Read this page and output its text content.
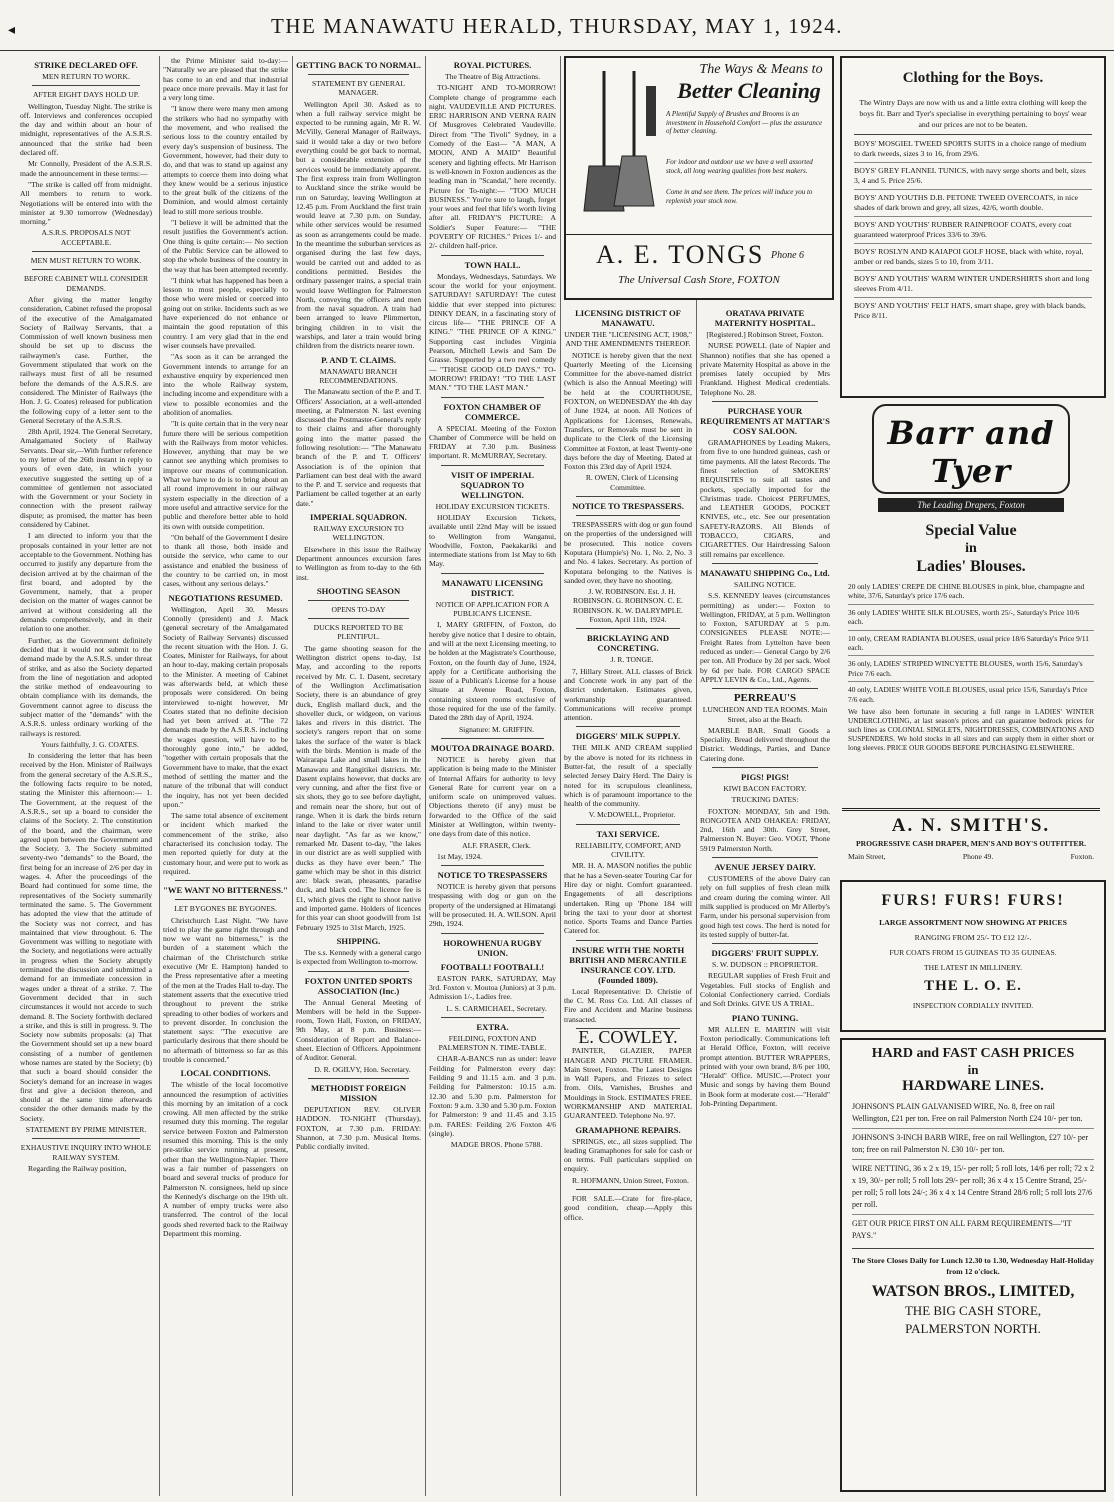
◂	THE MANAWATU HERALD, THURSDAY, MAY 1, 1924.
STRIKE DECLARED OFF.
MEN RETURN TO WORK.
AFTER EIGHT DAYS HOLD UP.

Wellington, Tuesday Night. The strike is off. Interviews and conferences occupied the day and within about an hour of midnight, representatives of the A.S.R.S. announced that the strike had been declared off.

Mr Connolly, President of the A.S.R.S. made the announcement in these terms:—

"The strike is called off from midnight. All members to return to work. Negotiations will be entered into with the minister at 9.30 tomorrow (Wednesday) morning."

A.S.R.S. PROPOSALS NOT ACCEPTABLE.
MEN MUST RETURN TO WORK.
BEFORE CABINET WILL CONSIDER DEMANDS.

After giving the matter lengthy consideration, Cabinet refused the proposal of the executive of the Amalgamated Society of Railway Servants, that a Commission of well known business men should be set up to discuss the railwaymen's case. Further, the Government stipulated that work on the railways must first of all be resumed before the demands of the A.S.R.S. are considered. The Minister of Railways (the Hon. J. G. Coates) released for publication the following copy of a letter sent to the General Secretary of the A.S.R.S.

28th April, 1924. The General Secretary, Amalgamated Society of Railway Servants. Dear sir,—With further reference to my letter of the 26th instant in reply to yours of even date, in which your executive suggested the setting up of a committee of gentlemen not associated with the Government or your Society in connection with the present railway dispute; as promised, the matter has been considered by Cabinet.

I am directed to inform you that the proposals contained in your letter are not acceptable to the Government. Nothing has occurred to justify any departure from the decision arrived at by the chairman of the first board, and adopted by the Government, namely, that a proper decision on the matter of wages cannot be arrived at without considering all the demands comprehensively, and in their relation to one another.

Further, as the Government definitely decided that it would not submit to the demand made by the A.S.R.S. under threat of strike, and as also the Society departed from the line of negotiation and adopted the strike method of endeavouring to obtain compliance with its demands, the Government cannot agree to discuss the subject matter of the "demands" with the A.S.R.S. unless ordinary working of the railways is restored.

Yours faithfully, J. G. COATES.

In considering the letter that has been received by the Hon. Minister of Railways from the general secretary of the A.S.R.S., the following facts require to be noted, stating the Minister this afternoon:— 1. The Government, at the request of the A.S.R.S., set up a board to consider the claims of the Society. 2. The constitution of the board, and the chairman, were agreed upon between the Government and the Society. 3. The Society submitted seventy-two "demands" to the Board, the first being for an increase of 2/6 per day in wages. 4. After the proceedings of the Board had continued for some time, the representatives of the Society summarily terminated the same. 5. The Government has adopted the view that the attitude of the Society was not correct, and has maintained that view throughout. 6. The Government was willing to negotiate with the Society, and negotiations were actually in progress when the Society abruptly terminated the discussion and submitted a demand for an immediate concession in wages under a threat of a strike. 7. The Government decided that in such circumstances it would not accede to such demand. 8. The Society forthwith declared a strike, and this is still in progress. 9. The Society now submits proposals: (a) That the Government should set up a new board consisting of a number of gentlemen whose names are stated by the Society; (b) that such a board should consider the Society's demand for an increase in wages first and give a decision thereon, and should at the same time afterwards consider the other demands made by the Society.

STATEMENT BY PRIME MINISTER.
EXHAUSTIVE INQUIRY INTO WHOLE RAILWAY SYSTEM.

Regarding the Railway position,

the Prime Minister said to-day:— "Naturally we are pleased that the strike has come to an end and that industrial peace once more prevails. May it last for a very long time.

"I know there were many men among the strikers who had no sympathy with the movement, and who realised the serious loss to the country entailed by every day's suspension of business. The Government, however, had their duty to do, and that was to stand up against any attempts to coerce them into doing what they knew would be a serious injustice to the great bulk of the citizens of the Dominion, and would almost certainly lead to still more serious trouble.

"I believe it will be admitted that the result justifies the Government's action. One thing is quite certain:— No section of the Public Service can be allowed to stop the whole business of the country in the way that has been attempted recently.

"I think what has happened has been a lesson to most people, especially to those who were misled or coerced into going out on strike. Incidents such as we have experienced do not enhance or maintain the good reputation of this country. I am very glad that in the end wiser counsels have prevailed.

"As soon as it can be arranged the Government intends to arrange for an exhaustive enquiry by experienced men into the whole Railway system, including income and expenditure with a view to possible economies and the abolition of anomalies.

"It is quite certain that in the very near future there will be serious competition with the Railways from motor vehicles. However, anything that may be we cannot see anything which promises to improve our means of communication. What we have to do is to bring about an all round improvement in our railway system especially in the direction of a more useful and attractive service for the public and therefore better able to hold its own with outside competition.

"On behalf of the Government I desire to thank all those, both inside and outside the service, who came to our assistance and enabled the business of the country to be carried on, in most cases, without any serious delays."

NEGOTIATIONS RESUMED.

Wellington, April 30. Messrs Connolly (president) and J. Mack (general secretary of the Amalgamated Society of Railway Servants) discussed the recent situation with the Hon. J. G. Coates, Minister for Railways, for about an hour to-day, making certain proposals to the Minister. A meeting of Cabinet was afterwards held, at which these proposals were considered. On being interviewed to-night however, Mr Coates stated that no definite decision had yet been arrived at. "The 72 demands made by the A.S.R.S. including the wages question, will have to be thoroughly gone into," he added, "together with certain proposals that the Government have to make, that the exact method of settling the matter and the nature of the tribunal that will conduct the inquiry, has not yet been decided upon."

The same total absence of excitement or incident which marked the commencement of the strike, also characterised its conclusion today. The men reported quietly for duty at the customary hour, and were put to work as required.

"WE WANT NO BITTERNESS."
LET BYGONES BE BYGONES.

Christchurch Last Night. "We have tried to play the game right through and now we want no bitterness," is the burden of a statement which the chairman of the Christchurch strike executive (Mr E. Hampton) handed to the Press representative after a meeting of the men at the Trades Hall to-day. The statement asserts that the executive tried throughout to prevent the strike spreading to other bodies of workers and to prevent disorder. In conclusion the statement says: "The executive are particularly desirous that there should be no aftermath of bitterness so far as this trouble is concerned."

LOCAL CONDITIONS.

The whistle of the local locomotive announced the resumption of activities this morning by an imitation of a cock crowing. All men affected by the strike resumed duty this morning. The regular service between Foxton and Palmerston resumed this morning. This is the only pre-strike service running at present, other than the Wellington-Napier. There was a fair number of passengers on board and several trucks of produce for Palmerston N. consignees, held up since the Kennedy's discharge on the 19th ult. A number of empty trucks were also transferred. The control of the local goods shed reverted back to the Railway Department this morning.

GETTING BACK TO NORMAL.
STATEMENT BY GENERAL MANAGER.

Wellington April 30. Asked as to when a full railway service might be expected to be running again, Mr R. W. McVilly, General Manager of Railways, said it would take a day or two before everything could be got back to normal, but a considerable extension of the services would be immediately apparent. The first express train from Wellington to Auckland since the strike would be run on Saturday, leaving Wellington at 12.45 p.m. From Auckland the first train would leave at 7.30 p.m. on Sunday, while other services would be resumed as soon as arrangements could be made. In the meantime the suburban services as organised during the last few days, would be carried out and added to as conditions permitted. Besides the ordinary passenger trains, a special train would leave Wellington for Palmerston North, conveying the officers and men from the naval squadron. A train had been arranged to leave Plimmerton, bringing children in to visit the warships, and later a train would bring children from the districts nearer town.

P. AND T. CLAIMS.
MANAWATU BRANCH RECOMMENDATIONS.

The Manawatu section of the P. and T. Officers' Association, at a well-attended meeting, at Palmerston N. last evening discussed the Postmaster-General's reply to their claims and after thoroughly going into the matter passed the following resolution:— "The Manawatu branch of the P. and T. Officers' Association is of the opinion that Parliament can best deal with the award to the P. and T. service and requests that Parliament be called together at an early date."

IMPERIAL SQUADRON.
RAILWAY EXCURSION TO WELLINGTON.

Elsewhere in this issue the Railway Department announces excursion fares to Wellington as from to-day to the 6th inst.

SHOOTING SEASON
OPENS TO-DAY
DUCKS REPORTED TO BE PLENTIFUL.

The game shooting season for the Wellington district opens to-day, 1st May, and according to the reports received by Mr. C. I. Dasent, secretary of the Wellington Acclimatisation Society, there is an abundance of grey duck, English mallard duck, and the shoveller duck, or widgeon, on various lakes and rivers in this district. The society's rangers report that on some lakes the surface of the water is black with the birds. Mention is made of the Wairarapa Lake and small lakes in the Manawatu and Rangitikei districts. Mr. Dasent explains however, that ducks are very cunning, and after the first five or six shots, they go to see before daylight, and remain near the shore, but out of range. When it is dark the birds return inland to the lake or river water until near daylight. "As far as we know," remarked Mr. Dasent to-day, "the lakes in our district are as well supplied with ducks as they have ever been." The game which may be shot in this district are: black swan, pheasants, paradise duck, and black cod. The licence fee is £1, which gives the right to shoot native and imported game. Holders of licences for this year can shoot goodwill from 1st February 1925 to 31st March, 1925.

SHIPPING.

The s.s. Kennedy with a general cargo is expected from Wellington to-morrow.

FOXTON UNITED SPORTS ASSOCIATION (Inc.)

The Annual General Meeting of Members will be held in the Supper-room, Town Hall, Foxton, on FRIDAY, 9th May, at 8 p.m. Business:— Consideration of Report and Balance-sheet. Election of Officers. Appointment of Auditor. General.

D. R. OGILVY, Hon. Secretary.

METHODIST FOREIGN MISSION

DEPUTATION REV. OLIVER HADDON. TO-NIGHT (Thursday), FOXTON, at 7.30 p.m. FRIDAY: Shannon, at 7.30 p.m. Musical Items. Public cordially invited.

ROYAL PICTURES.
The Theatre of Big Attractions.

TO-NIGHT AND TO-MORROW! Complete change of programme each night. VAUDEVILLE AND PICTURES. ERIC HARRISON AND VERNA RAIN Of Musgroves Celebrated Vaudeville. Direct from "The Tivoli" Sydney, in a Comedy of the East— "A MAN, A MOON, AND A MAID" Beautiful scenery and lighting effects. Mr Harrison is well-known in Foxton audiences as the leading man in "Scandal," here recently. Picture for To-night:— "TOO MUCH BUSINESS." You're sure to laugh, forget your woes and feel that life's worth living after all. FRIDAY'S PICTURE: A Soldier's Super Feature:— "THE POVERTY OF RICHES." Prices 1/- and 2/- children half-price.

TOWN HALL.

Mondays, Wednesdays, Saturdays. We scour the world for your enjoyment. SATURDAY! SATURDAY! The cutest kiddie that ever stepped into pictures: DINKY DEAN, in a fascinating story of circus life— "THE PRINCE OF A KING." "THE PRINCE OF A KING." Supporting cast includes Virginia Pearson, Mitchell Lewis and Sam De Grasse. Supported by a two reel comedy— "THOSE GOOD OLD DAYS." TO-MORROW! FRIDAY! "TO THE LAST MAN." "TO THE LAST MAN."

FOXTON CHAMBER OF COMMERCE.

A SPECIAL Meeting of the Foxton Chamber of Commerce will be held on FRIDAY at 7.30 p.m. Business important. R. McMURRAY, Secretary.

VISIT OF IMPERIAL SQUADRON TO WELLINGTON.
HOLIDAY EXCURSION TICKETS.

HOLIDAY Excursion Tickets, available until 22nd May will be issued to Wellington from Wanganui, Woodville, Foxton, Paekakariki and intermediate stations from 1st May to 6th May.

MANAWATU LICENSING DISTRICT.
NOTICE OF APPLICATION FOR A PUBLICAN'S LICENSE.

I, MARY GRIFFIN, of Foxton, do hereby give notice that I desire to obtain, and will at the next Licensing meeting, to be holden at the Magistrate's Courthouse, Foxton, on the fourth day of June, 1924, apply for a Certificate authorising the issue of a Publican's License for a house situate at Avenue Road, Foxton, containing sixteen rooms exclusive of those required for the use of the family. Dated the 28th day of April, 1924.

Signature: M. GRIFFIN.

MOUTOA DRAINAGE BOARD.

NOTICE is hereby given that application is being made to the Minister of Internal Affairs for authority to levy General Rate for current year on a uniform scale on unimproved values. Objections thereto (if any) must be forwarded to the Office of the said Minister at Wellington, within twenty-one days from date of this notice.

ALF. FRASER, Clerk.

1st May, 1924.

NOTICE TO TRESPASSERS

NOTICE is hereby given that persons trespassing with dog or gun on the property of the undersigned at Himatangi will be prosecuted. H. A. WILSON. April 29th, 1924.

HOROWHENUA RUGBY UNION.
FOOTBALL! FOOTBALL!

EASTON PARK, SATURDAY, May 3rd. Foxton v. Moutoa (Juniors) at 3 p.m. Admission 1/-, Ladies free.

L. S. CARMICHAEL, Secretary.

EXTRA.
FEILDING, FOXTON AND PALMERSTON N. TIME-TABLE.

CHAR-A-BANCS run as under: leave Feilding for Palmerston every day: Feilding 9 and 11.15 a.m. and 3 p.m. Feilding for Palmerston: 10.15 a.m. 12.30 and 5.30 p.m. Palmerston for Foxton: 9 a.m. 3.30 and 5.30 p.m. Foxton for Palmerston: 9 and 11.45 and 3.15 p.m. FARES: Feilding 2/6 Foxton 4/6 (single).

MADGE BROS. Phone 5788.

The Ways & Means to
Better Cleaning
A Plentiful Supply of Brushes and Brooms is an investment in Household Comfort — plus the assurance of better cleaning.
For indoor and outdoor use we have a well assorted stock, all long wearing qualities from best makers.
Come in and see them. The prices will induce you to replenish your stock now.
A. E. TONGS Phone 6
The Universal Cash Store, FOXTON
LICENSING DISTRICT OF MANAWATU.
UNDER THE "LICENSING ACT, 1908," AND THE AMENDMENTS THEREOF.

NOTICE is hereby given that the next Quarterly Meeting of the Licensing Committee for the above-named district (which is also the Annual Meeting) will be held at the COURTHOUSE, FOXTON, on WEDNESDAY the 4th day of June 1924, at noon. All Notices of Applications for Licenses, Renewals, Transfers, or Removals must be sent in duplicate to the Clerk of the Licensing Committee at Foxton, at least Twenty-one days before the day of Meeting. Dated at Foxton this 23rd day of April 1924.

R. OWEN, Clerk of Licensing Committee.

NOTICE TO TRESPASSERS.

TRESPASSERS with dog or gun found on the properties of the undersigned will be prosecuted. This notice covers Koputara (Humpie's) No. 1, No. 2, No. 3 and No. 4 lakes. Secretary. As portion of Koputara belonging to the Natives is sanded over, they have no shooting.

J. W. ROBINSON. Est. J. H. ROBINSON. G. ROBINSON. C. E. ROBINSON. K. W. DALRYMPLE. Foxton, April 11th, 1924.

BRICKLAYING AND CONCRETING.

J. R. TONGE.

7, Hillary Street. ALL classes of Brick and Concrete work in any part of the district undertaken. Estimates given, workmanship guaranteed. Communications will receive prompt attention.

DIGGERS' MILK SUPPLY.

THE MILK AND CREAM supplied by the above is noted for its richness in Butter-fat, the result of a specially selected Jersey Dairy Herd. The Dairy is noted for its scrupulous cleanliness, which is of paramount importance to the health of the community.

V. McDOWELL, Proprietor.

TAXI SERVICE.
RELIABILITY, COMFORT, AND CIVILITY.

MR. H. A. MASON notifies the public that he has a Seven-seater Touring Car for Hire day or night. Comfort guaranteed. Engagements of all descriptions undertaken. Ring up 'Phone 184 will bring the taxi to your door at shortest notice. Sports Teams and Dance Parties Catered for.

INSURE WITH THE NORTH BRITISH AND MERCANTILE INSURANCE COY. LTD. (Founded 1809).

Local Representative: D. Christie of the C. M. Ross Co. Ltd. All classes of Fire and Accident and Marine business transacted.

E. COWLEY.

PAINTER, GLAZIER, PAPER HANGER AND PICTURE FRAMER. Main Street, Foxton. The Latest Designs in Wall Papers, and Friezes to select from. Oils, Varnishes, Brushes and Mouldings in Stock. ESTIMATES FREE. WORKMANSHIP AND MATERIAL GUARANTEED. Telephone No. 97.

GRAMAPHONE REPAIRS.

SPRINGS, etc., all sizes supplied. The leading Gramaphones for sale for cash or on terms. Full particulars supplied on enquiry.

R. HOFMANN, Union Street, Foxton.

FOR SALE.—Crate for fire-place, good condition, cheap.—Apply this office.

ORATAVA PRIVATE MATERNITY HOSPITAL.
[Registered.] Robinson Street, Foxton.

NURSE POWELL (late of Napier and Shannon) notifies that she has opened a private Maternity Hospital as above in the premises lately occupied by Mrs Frankland. Highest Medical credentials. Telephone No. 28.

PURCHASE YOUR REQUIREMENTS AT MATTAR'S COSY SALOON.

GRAMAPHONES by Leading Makers, from five to one hundred guineas, cash or time payments. All the latest Records. The finest selection of SMOKERS' REQUISITES to suit all tastes and pockets, specially imported for the Christmas trade. Choicest PERFUMES, and LEATHER GOODS, POCKET KNIVES, etc., etc. See our presentation SAFETY-RAZORS. All Blends of TOBACCO, CIGARS, and CIGARETTES. Our Hairdressing Saloon still remains par excellence.

MANAWATU SHIPPING Co., Ltd.
SAILING NOTICE.

S.S. KENNEDY leaves (circumstances permitting) as under:— Foxton to Wellington, FRIDAY, at 5 p.m. Wellington to Foxton, SATURDAY at 5 p.m. CONSIGNEES PLEASE NOTE:— Freight Rates from Lyttelton have been reduced as under:— General Cargo by 2/6 per ton. All Produce by 2d per sack. Wool by 6d per bale. FOR CARGO SPACE APPLY LEVIN & Co., Ltd., Agents.

PERREAU'S
LUNCHEON AND TEA ROOMS. Main Street, also at the Beach.

MARBLE BAR. Small Goods a Speciality. Bread delivered throughout the District. Weddings, Parties, and Dance Catering done.

PIGS! PIGS!
KIWI BACON FACTORY.
TRUCKING DATES:

FOXTON: MONDAY, 5th and 19th. RONGOTEA AND OHAKEA: FRIDAY, 2nd, 16th and 30th. Grey Street, Palmerston N. Buyer: Geo. VOGT, 'Phone 5919 Palmerston North.

AVENUE JERSEY DAIRY.

CUSTOMERS of the above Dairy can rely on full supplies of fresh clean milk and cream during the coming winter. All milk supplied is produced on Mr Allerby's Farm, under his personal supervision from good high test cows. The herd is noted for its tested supply of butter-fat.

DIGGERS' FRUIT SUPPLY.
S. W. DUDSON :: PROPRIETOR.

REGULAR supplies of Fresh Fruit and Vegetables. Full stocks of English and Colonial Confectionery carried. Cordials and Soft Drinks. GIVE US A TRIAL.

PIANO TUNING.

MR ALLEN E. MARTIN will visit Foxton periodically. Communications left at Herald Office, Foxton, will receive prompt attention. BUTTER WRAPPERS, printed with your own brand, 8/6 per 100, "Herald" Office. MUSIC.—Protect your Music and songs by having them Bound in Book form at moderate cost.—"Herald" Job-Printing Department.

Clothing for the Boys.
The Wintry Days are now with us and a little extra clothing will keep the boys fit. Barr and Tyer's specialise in everything pertaining to boys' wear and our prices are not to be beaten.
BOYS' MOSGIEL TWEED SPORTS SUITS in a choice range of medium to dark tweeds, sizes 3 to 16, from 29/6.
BOYS' GREY FLANNEL TUNICS, with navy serge shorts and belt, sizes 3, 4 and 5. Price 25/6.
BOYS' AND YOUTHS D.B. PETONE TWEED OVERCOATS, in nice shades of dark brown and grey, all sizes, 42/6, worth double.
BOYS' AND YOUTHS' RUBBER RAINPROOF COATS, every coat guaranteed waterproof Prices 33/6 to 39/6.
BOYS' ROSLYN AND KAIAPOI GOLF HOSE, black with white, royal, amber or red bands, sizes 5 to 10, from 3/11.
BOYS' AND YOUTHS' WARM WINTER UNDERSHIRTS short and long sleeves From 4/11.
BOYS' AND YOUTHS' FELT HATS, smart shape, grey with black bands, Price 8/11.
Barr and Tyer
The Leading Drapers, Foxton
Special Value
in
Ladies' Blouses.
20 only LADIES' CREPE DE CHINE BLOUSES in pink, blue, champagne and white, 37/6, Saturday's price 17/6 each.
36 only LADIES' WHITE SILK BLOUSES, worth 25/-, Saturday's Price 10/6 each.
10 only, CREAM RADIANTA BLOUSES, usual price 18/6 Saturday's Price 9/11 each.
36 only, LADIES' STRIPED WINCYETTE BLOUSES, worth 15/6, Saturday's Price 7/6 each.
40 only, LADIES' WHITE VOILE BLOUSES, usual price 15/6, Saturday's Price 7/6 each.
We have also been fortunate in securing a full range in LADIES' WINTER UNDERCLOTHING, at last season's prices and can guarantee bedrock prices for such lines as COLONIAL SINGLETS, NIGHTDRESSES, COMBINATIONS AND SUSPENDERS. We hold stocks in all sizes and can supply them in either short or long sleeves. PRICE OUR GOODS BEFORE PURCHASING ELSEWHERE.
A. N. SMITH'S.
PROGRESSIVE CASH DRAPER, MEN'S AND BOY'S OUTFITTER.
Main Street,	Phone 49.	Foxton.
FURS! FURS! FURS!
LARGE ASSORTMENT NOW SHOWING AT PRICES
RANGING FROM 25/- TO £12 12/-.
FUR COATS FROM 15 GUINEAS TO 35 GUINEAS.
THE LATEST IN MILLINERY.
THE L. O. E.
INSPECTION CORDIALLY INVITED.
HARD and FAST CASH PRICES
in
HARDWARE LINES.
JOHNSON'S PLAIN GALVANISED WIRE, No. 8, free on rail Wellington, £21 per ton. Free on rail Palmerston North £24 10/- per ton.
JOHNSON'S 3-INCH BARB WIRE, free on rail Wellington, £27 10/- per ton; free on rail Palmerston N. £30 10/- per ton.
WIRE NETTING, 36 x 2 x 19, 15/- per roll; 5 roll lots, 14/6 per roll; 72 x 2 x 19, 30/- per roll; 5 roll lots 29/- per roll; 36 x 4 x 15 Centre Strand, 25/- per roll; 5 roll lots 24/-; 36 x 4 x 14 Centre Strand 28/6 roll; 5 roll lots 27/6 per roll.
GET OUR PRICE FIRST ON ALL FARM REQUIREMENTS—"IT PAYS."
The Store Closes Daily for Lunch 12.30 to 1.30, Wednesday Half-Holiday from 12 o'clock.
WATSON BROS., LIMITED,
THE BIG CASH STORE,
PALMERSTON NORTH.
